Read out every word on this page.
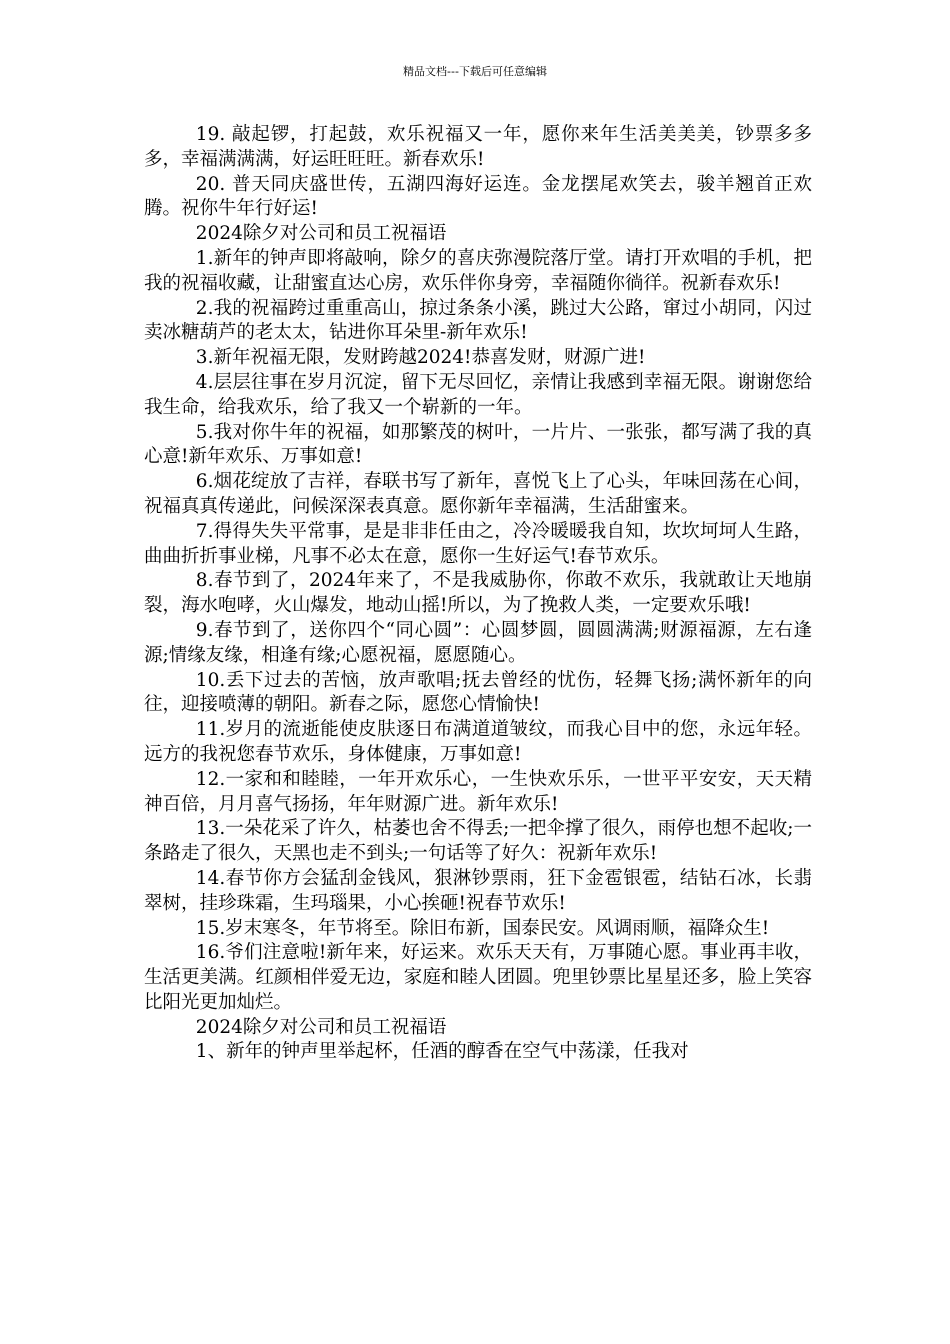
精品文档---下载后可任意编辑

19. 敲起锣，打起鼓，欢乐祝福又一年，愿你来年生活美美美，钞票多多多，幸福满满满，好运旺旺旺。新春欢乐!

20. 普天同庆盛世传，五湖四海好运连。金龙摆尾欢笑去，骏羊翘首正欢腾。祝你牛年行好运!

2024除夕对公司和员工祝福语

1.新年的钟声即将敲响，除夕的喜庆弥漫院落厅堂。请打开欢唱的手机，把我的祝福收藏，让甜蜜直达心房，欢乐伴你身旁，幸福随你徜徉。祝新春欢乐!

2.我的祝福跨过重重高山，掠过条条小溪，跳过大公路，窜过小胡同，闪过卖冰糖葫芦的老太太，钻进你耳朵里-新年欢乐!

3.新年祝福无限，发财跨越2024!恭喜发财，财源广进!

4.层层往事在岁月沉淀，留下无尽回忆，亲情让我感到幸福无限。谢谢您给我生命，给我欢乐，给了我又一个崭新的一年。

5.我对你牛年的祝福，如那繁茂的树叶，一片片、一张张，都写满了我的真心意!新年欢乐、万事如意!

6.烟花绽放了吉祥，春联书写了新年，喜悦飞上了心头，年味回荡在心间，祝福真真传递此，问候深深表真意。愿你新年幸福满，生活甜蜜来。

7.得得失失平常事，是是非非任由之，冷冷暖暖我自知，坎坎坷坷人生路，曲曲折折事业梯，凡事不必太在意，愿你一生好运气!春节欢乐。

8.春节到了，2024年来了，不是我威胁你，你敢不欢乐，我就敢让天地崩裂，海水咆哮，火山爆发，地动山摇!所以，为了挽救人类，一定要欢乐哦!

9.春节到了，送你四个“同心圆”：心圆梦圆，圆圆满满;财源福源，左右逢源;情缘友缘，相逢有缘;心愿祝福，愿愿随心。

10.丢下过去的苦恼，放声歌唱;抚去曾经的忧伤，轻舞飞扬;满怀新年的向往，迎接喷薄的朝阳。新春之际，愿您心情愉快!

11.岁月的流逝能使皮肤逐日布满道道皱纹，而我心目中的您，永远年轻。远方的我祝您春节欢乐，身体健康，万事如意!

12.一家和和睦睦，一年开欢乐心，一生快欢乐乐，一世平平安安，天天精神百倍，月月喜气扬扬，年年财源广进。新年欢乐!

13.一朵花采了许久，枯萎也舍不得丢;一把伞撑了很久，雨停也想不起收;一条路走了很久，天黑也走不到头;一句话等了好久：祝新年欢乐!

14.春节你方会猛刮金钱风，狠淋钞票雨，狂下金雹银雹，结钻石冰，长翡翠树，挂珍珠霜，生玛瑙果，小心挨砸!祝春节欢乐!

15.岁末寒冬，年节将至。除旧布新，国泰民安。风调雨顺，福降众生!

16.爷们注意啦!新年来，好运来。欢乐天天有，万事随心愿。事业再丰收，生活更美满。红颜相伴爱无边，家庭和睦人团圆。兜里钞票比星星还多，脸上笑容比阳光更加灿烂。

2024除夕对公司和员工祝福语

1、新年的钟声里举起杯，任酒的醇香在空气中荡漾，任我对
